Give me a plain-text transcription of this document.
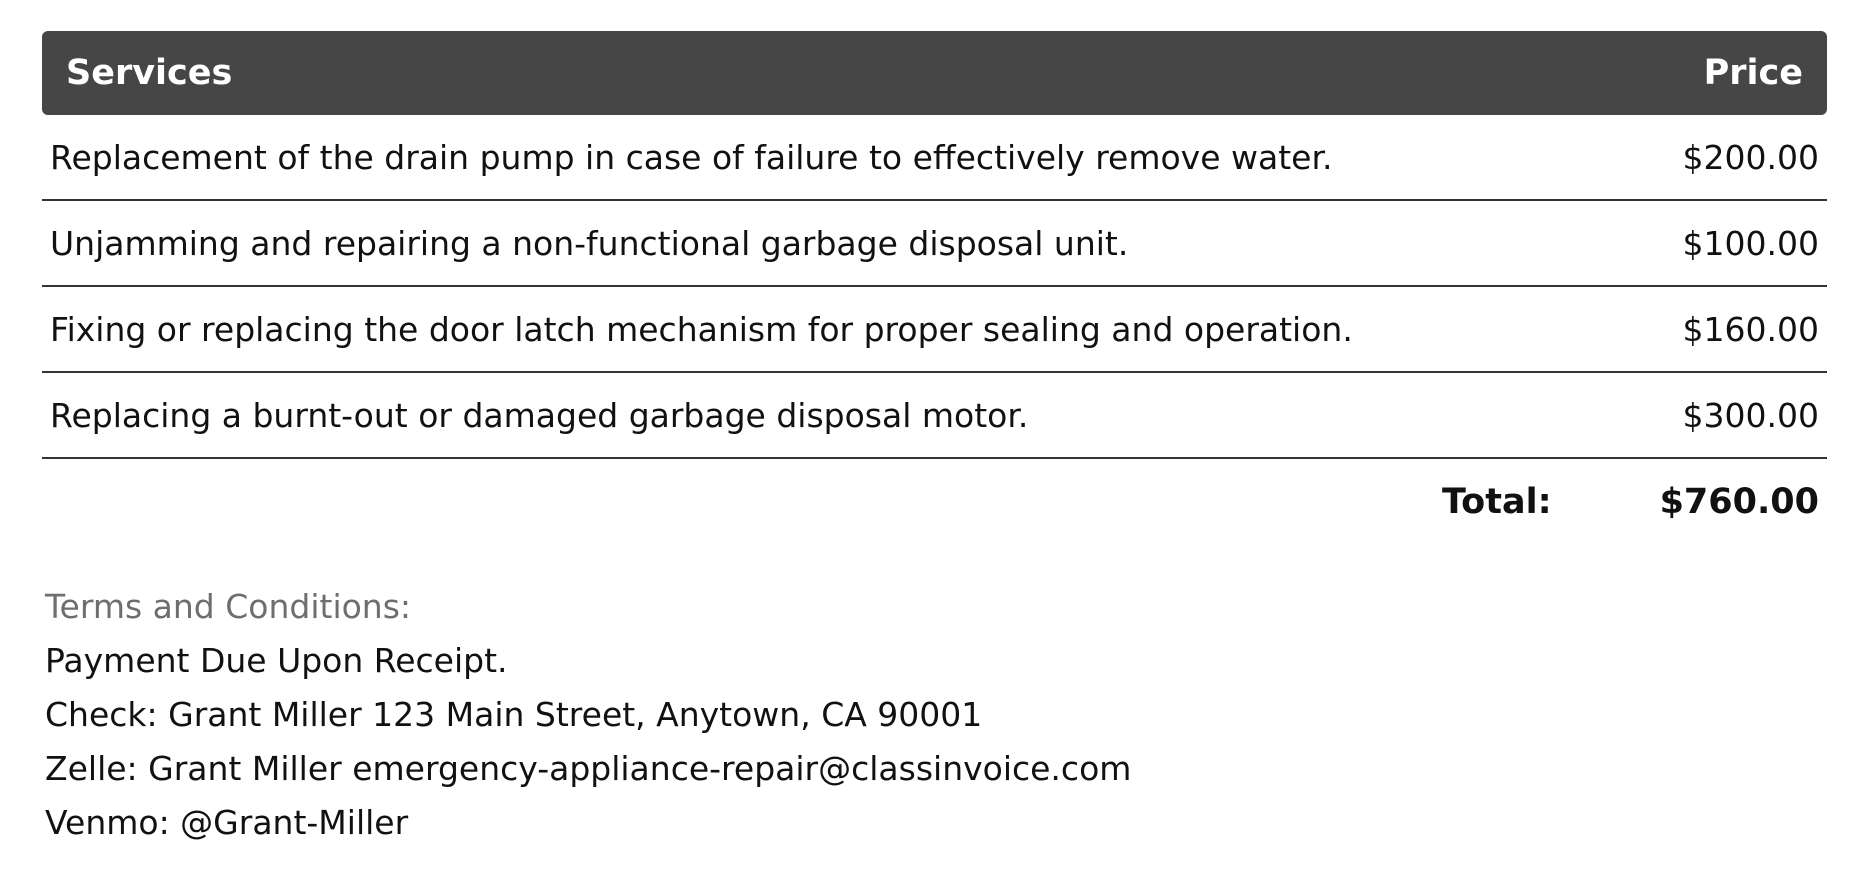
Services	Price
Replacement of the drain pump in case of failure to effectively remove water.	$200.00
Unjamming and repairing a non-functional garbage disposal unit.	$100.00
Fixing or replacing the door latch mechanism for proper sealing and operation.	$160.00
Replacing a burnt-out or damaged garbage disposal motor.	$300.00
Total:	$760.00
Terms and Conditions:
Payment Due Upon Receipt.
Check: Grant Miller 123 Main Street, Anytown, CA 90001
Zelle: Grant Miller emergency-appliance-repair@classinvoice.com
Venmo: @Grant-Miller
